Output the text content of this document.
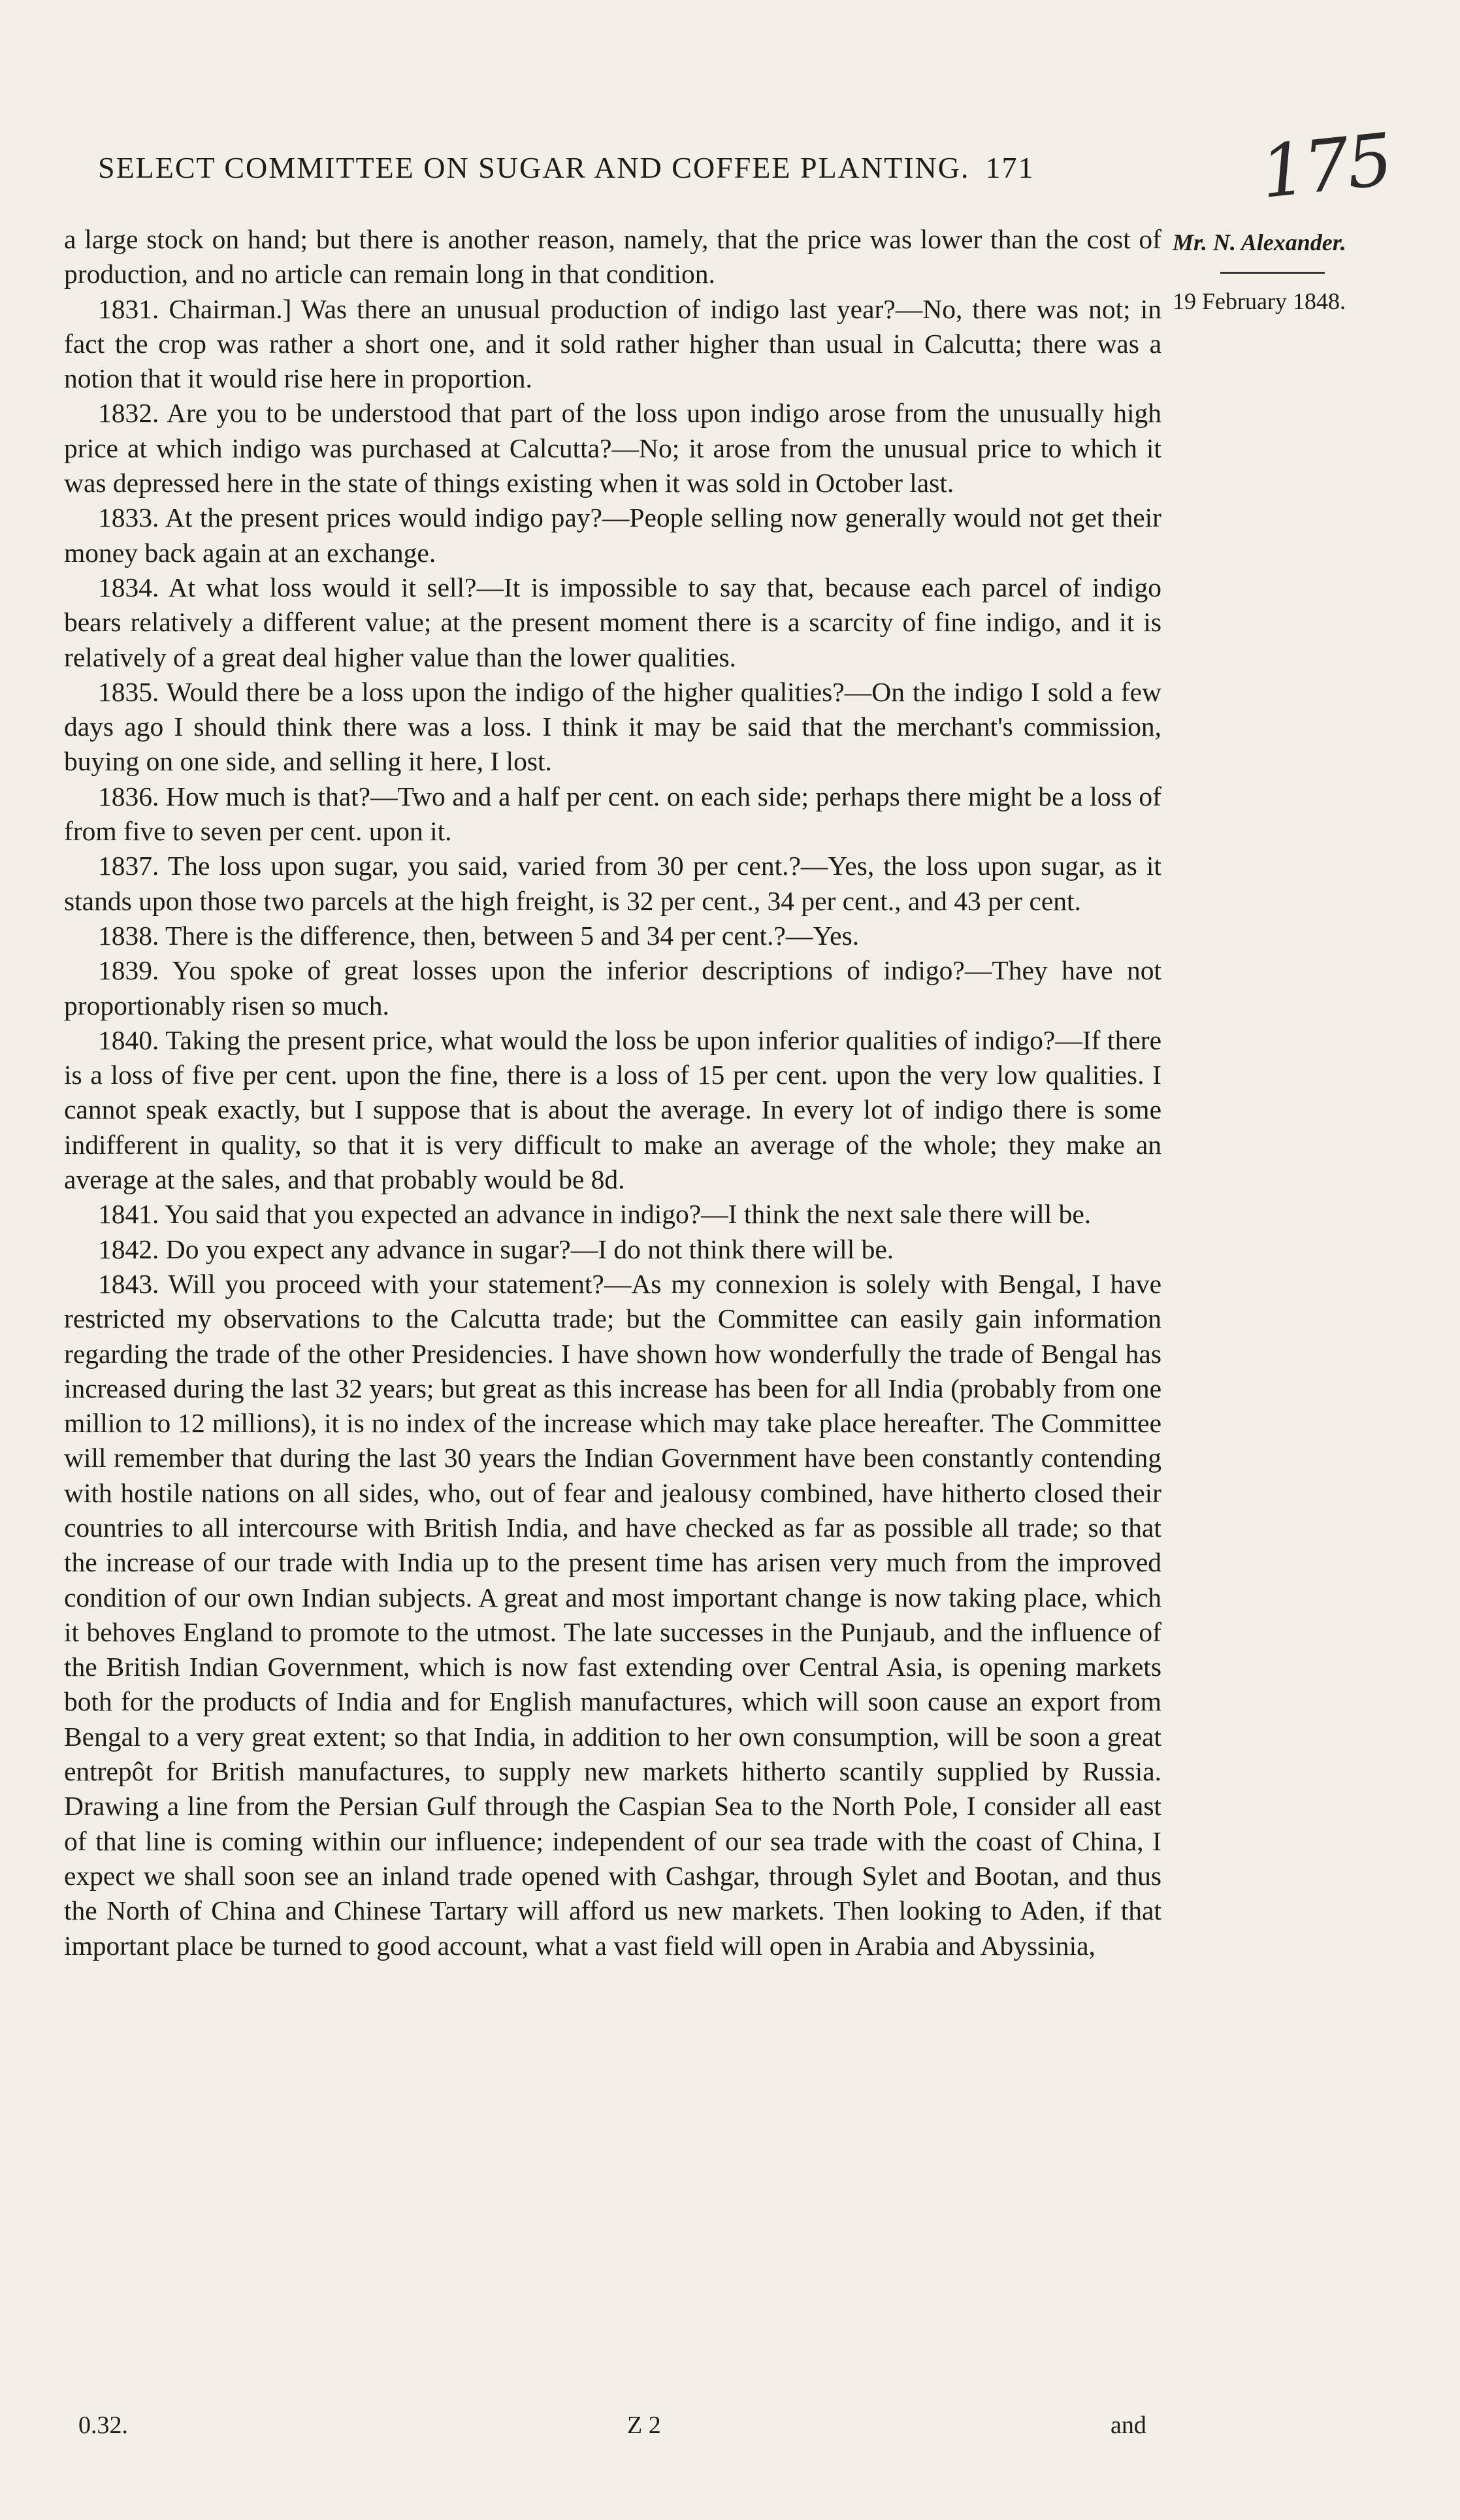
175
SELECT COMMITTEE ON SUGAR AND COFFEE PLANTING. 171
Mr. N. Alexander.
19 February 1848.

a large stock on hand; but there is another reason, namely, that the price was lower than the cost of production, and no article can remain long in that condition.

1831. Chairman.] Was there an unusual production of indigo last year?—No, there was not; in fact the crop was rather a short one, and it sold rather higher than usual in Calcutta; there was a notion that it would rise here in proportion.

1832. Are you to be understood that part of the loss upon indigo arose from the unusually high price at which indigo was purchased at Calcutta?—No; it arose from the unusual price to which it was depressed here in the state of things existing when it was sold in October last.

1833. At the present prices would indigo pay?—People selling now generally would not get their money back again at an exchange.

1834. At what loss would it sell?—It is impossible to say that, because each parcel of indigo bears relatively a different value; at the present moment there is a scarcity of fine indigo, and it is relatively of a great deal higher value than the lower qualities.

1835. Would there be a loss upon the indigo of the higher qualities?—On the indigo I sold a few days ago I should think there was a loss. I think it may be said that the merchant's commission, buying on one side, and selling it here, I lost.

1836. How much is that?—Two and a half per cent. on each side; perhaps there might be a loss of from five to seven per cent. upon it.

1837. The loss upon sugar, you said, varied from 30 per cent.?—Yes, the loss upon sugar, as it stands upon those two parcels at the high freight, is 32 per cent., 34 per cent., and 43 per cent.

1838. There is the difference, then, between 5 and 34 per cent.?—Yes.

1839. You spoke of great losses upon the inferior descriptions of indigo?—They have not proportionably risen so much.

1840. Taking the present price, what would the loss be upon inferior qualities of indigo?—If there is a loss of five per cent. upon the fine, there is a loss of 15 per cent. upon the very low qualities. I cannot speak exactly, but I suppose that is about the average. In every lot of indigo there is some indifferent in quality, so that it is very difficult to make an average of the whole; they make an average at the sales, and that probably would be 8d.

1841. You said that you expected an advance in indigo?—I think the next sale there will be.

1842. Do you expect any advance in sugar?—I do not think there will be.

1843. Will you proceed with your statement?—As my connexion is solely with Bengal, I have restricted my observations to the Calcutta trade; but the Committee can easily gain information regarding the trade of the other Presidencies. I have shown how wonderfully the trade of Bengal has increased during the last 32 years; but great as this increase has been for all India (probably from one million to 12 millions), it is no index of the increase which may take place hereafter. The Committee will remember that during the last 30 years the Indian Government have been constantly contending with hostile nations on all sides, who, out of fear and jealousy combined, have hitherto closed their countries to all intercourse with British India, and have checked as far as possible all trade; so that the increase of our trade with India up to the present time has arisen very much from the improved condition of our own Indian subjects. A great and most important change is now taking place, which it behoves England to promote to the utmost. The late successes in the Punjaub, and the influence of the British Indian Government, which is now fast extending over Central Asia, is opening markets both for the products of India and for English manufactures, which will soon cause an export from Bengal to a very great extent; so that India, in addition to her own consumption, will be soon a great entrepôt for British manufactures, to supply new markets hitherto scantily supplied by Russia. Drawing a line from the Persian Gulf through the Caspian Sea to the North Pole, I consider all east of that line is coming within our influence; independent of our sea trade with the coast of China, I expect we shall soon see an inland trade opened with Cashgar, through Sylet and Bootan, and thus the North of China and Chinese Tartary will afford us new markets. Then looking to Aden, if that important place be turned to good account, what a vast field will open in Arabia and Abyssinia,

0.32.	Z 2	and
